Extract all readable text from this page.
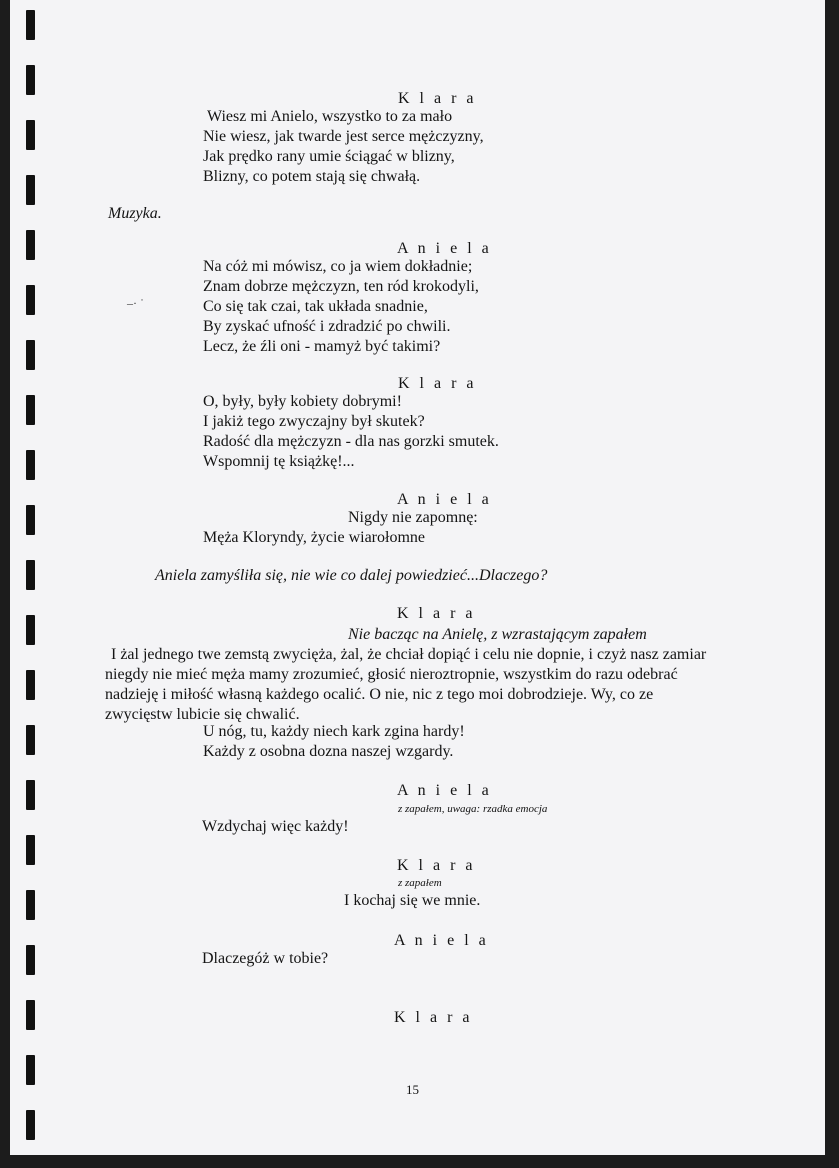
–· ˙
K l a r a
Wiesz mi Anielo, wszystko to za mało
Nie wiesz, jak twarde jest serce mężczyzny,
Jak prędko rany umie ściągać w blizny,
Blizny, co potem stają się chwałą.
Muzyka.
A n i e l a
Na cóż mi mówisz, co ja wiem dokładnie;
Znam dobrze mężczyzn, ten ród krokodyli,
Co się tak czai, tak układa snadnie,
By zyskać ufność i zdradzić po chwili.
Lecz, że źli oni - mamyż być takimi?
K l a r a
O, były, były kobiety dobrymi!
I jakiż tego zwyczajny był skutek?
Radość dla mężczyzn - dla nas gorzki smutek.
Wspomnij tę książkę!...
A n i e l a
Nigdy nie zapomnę:
Męża Kloryndy, życie wiarołomne
Aniela zamyśliła się, nie wie co dalej powiedzieć...Dlaczego?
K l a r a
Nie bacząc na Anielę, z wzrastającym zapałem
I żal jednego twe zemstą zwycięża, żal, że chciał dopiąć i celu nie dopnie, i czyż nasz zamiar
niegdy nie mieć męża mamy zrozumieć, głosić nieroztropnie, wszystkim do razu odebrać
nadzieję i miłość własną każdego ocalić. O nie, nic z tego moi dobrodzieje. Wy, co ze
zwycięstw lubicie się chwalić.
U nóg, tu, każdy niech kark zgina hardy!
Każdy z osobna dozna naszej wzgardy.
A n i e l a
z zapałem, uwaga: rzadka emocja
Wzdychaj więc każdy!
K l a r a
z zapałem
I kochaj się we mnie.
A n i e l a
Dlaczegóż w tobie?
K l a r a
15
